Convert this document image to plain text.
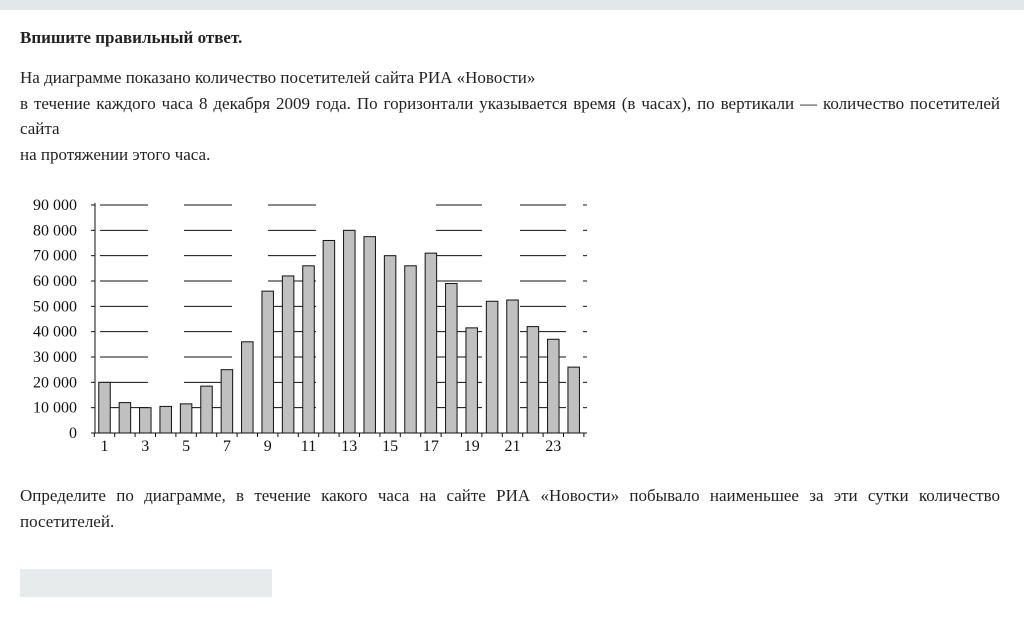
Впишите правильный ответ.

На диаграмме показано количество посетителей сайта РИА «Новости»

в течение каждого часа 8 декабря 2009 года. По горизонтали указывается время (в часах), по вертикали — количество посетителей сайта

на протяжении этого часа.

0
10 000
20 000
30 000
40 000
50 000
60 000
70 000
80 000
90 000
1 3 5 7 9 11 13 15 17 19 21 23
Определите по диаграмме, в течение какого часа на сайте РИА «Новости» побывало наименьшее за эти сутки количество посетителей.
